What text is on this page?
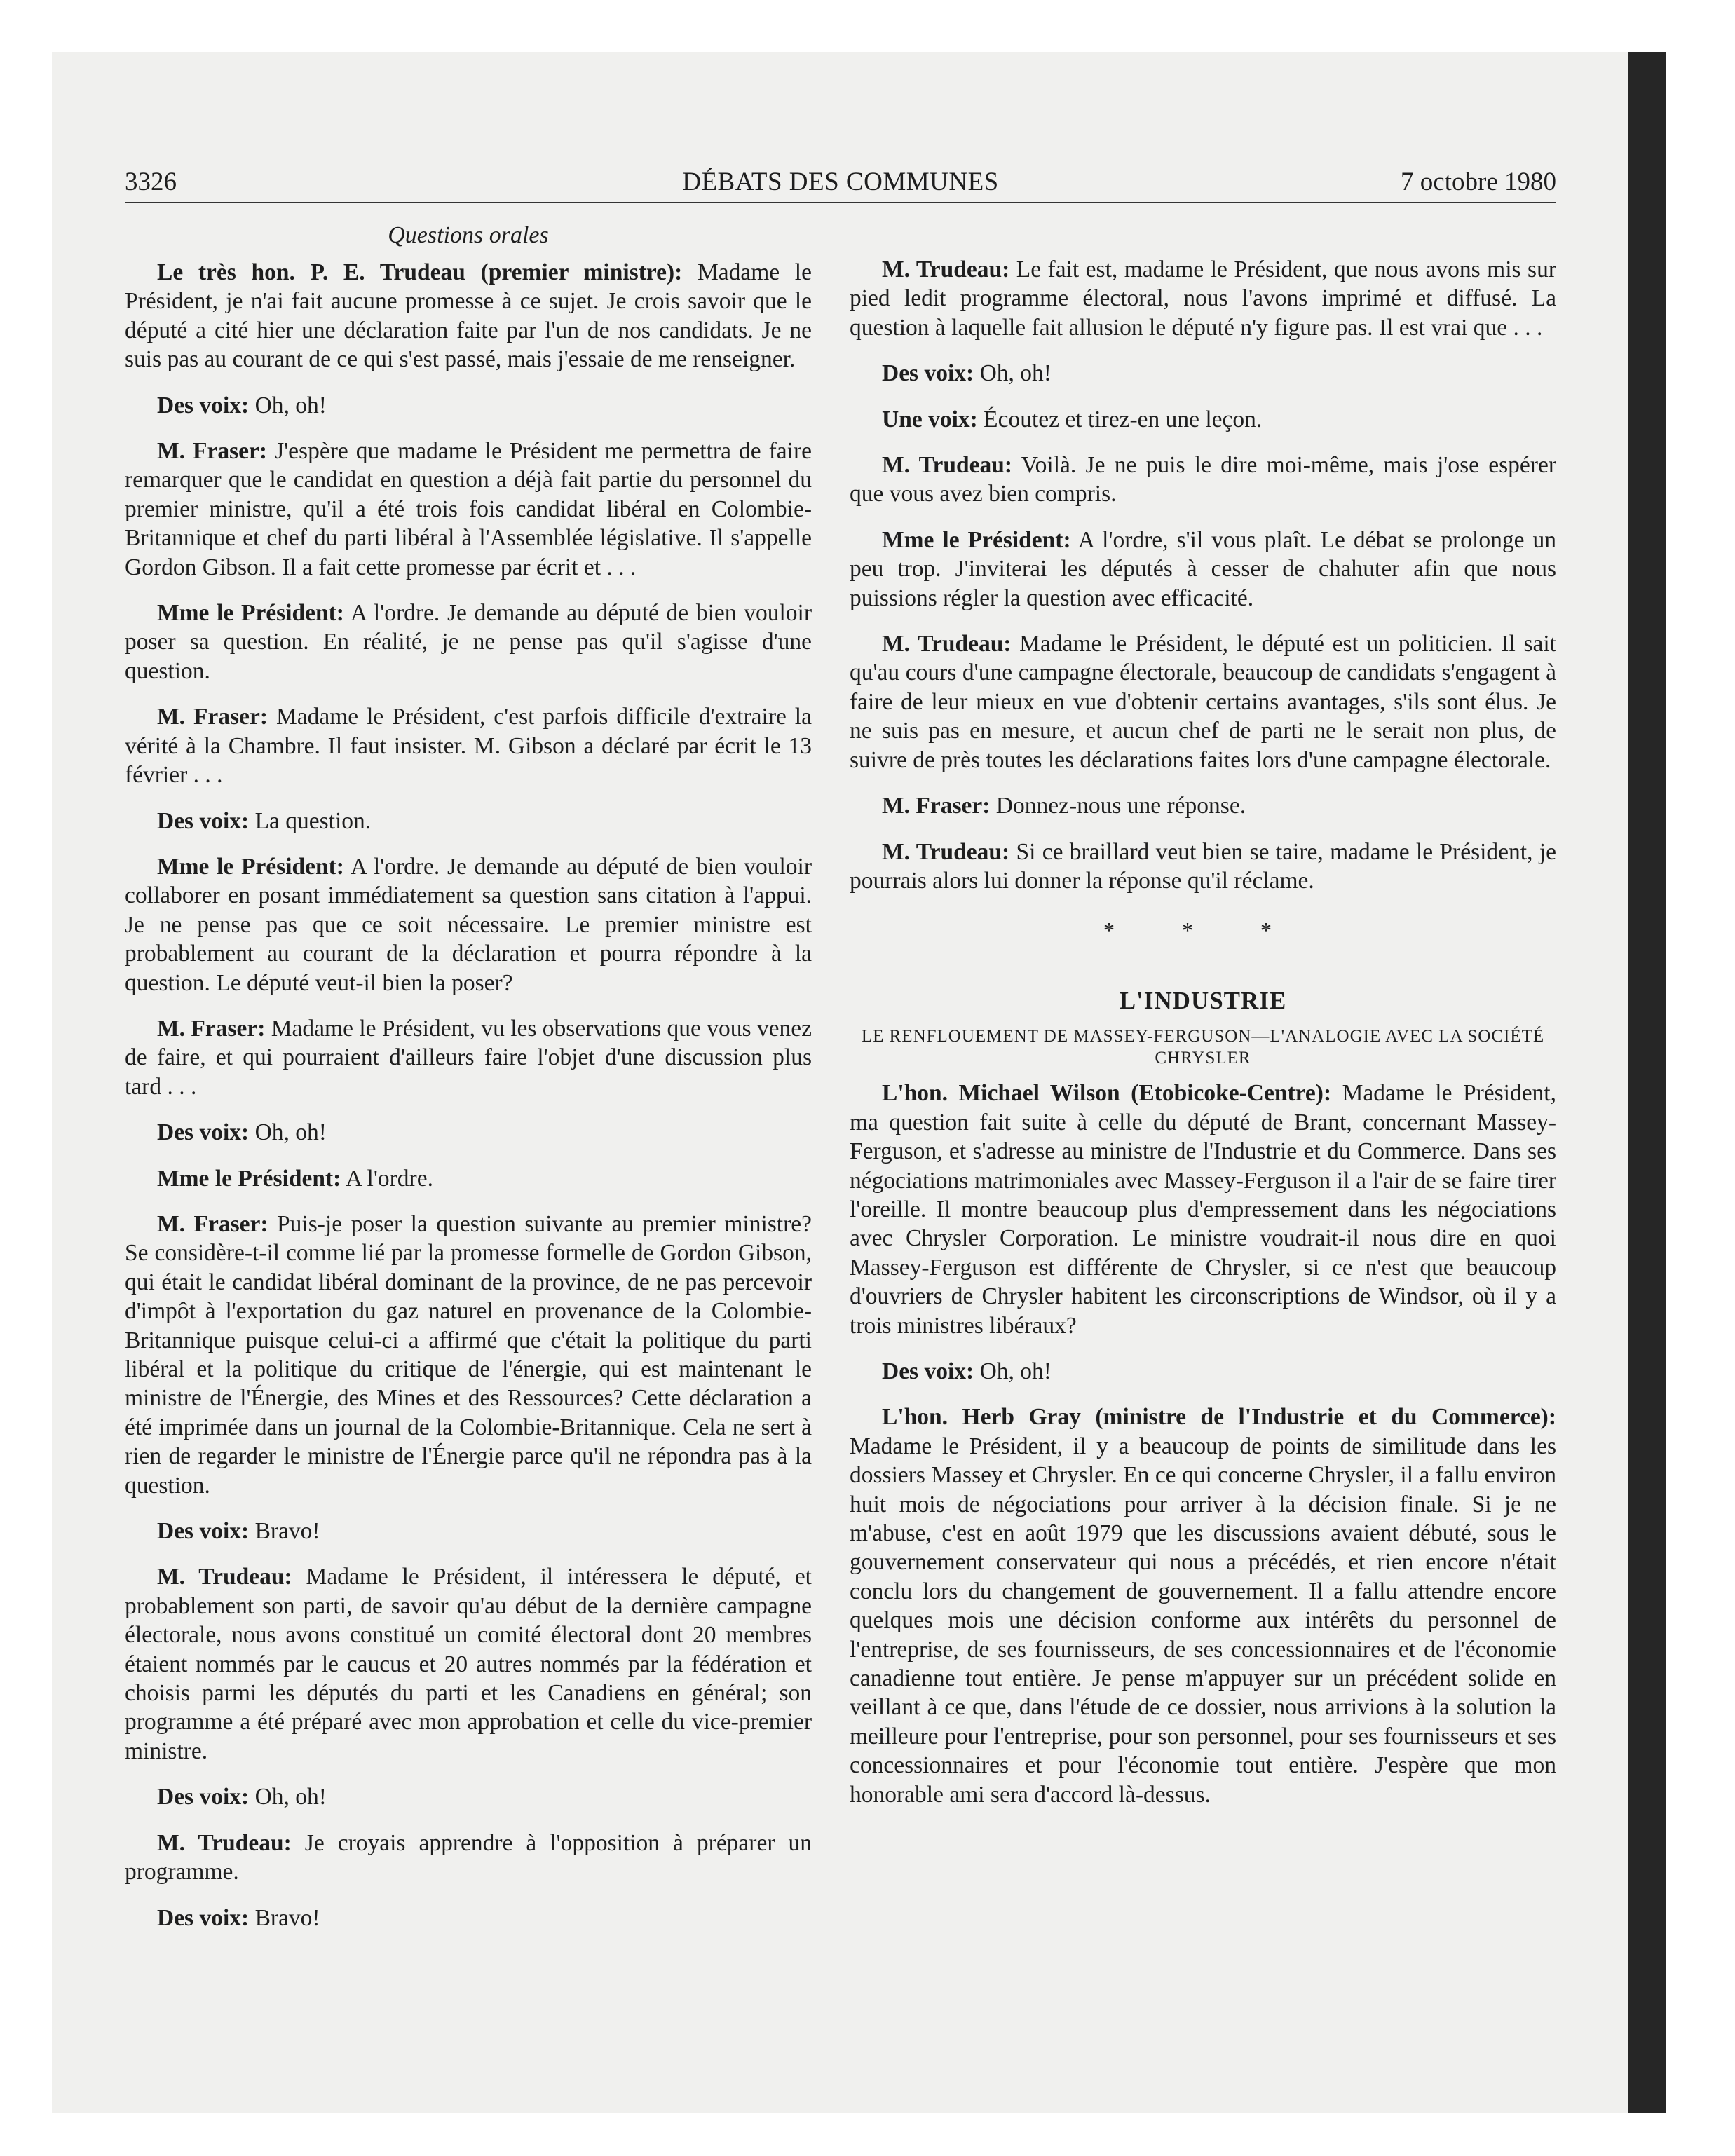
3326	DÉBATS DES COMMUNES	7 octobre 1980
Questions orales

Le très hon. P. E. Trudeau (premier ministre): Madame le Président, je n'ai fait aucune promesse à ce sujet. Je crois savoir que le député a cité hier une déclaration faite par l'un de nos candidats. Je ne suis pas au courant de ce qui s'est passé, mais j'essaie de me renseigner.

Des voix: Oh, oh!

M. Fraser: J'espère que madame le Président me permettra de faire remarquer que le candidat en question a déjà fait partie du personnel du premier ministre, qu'il a été trois fois candidat libéral en Colombie-Britannique et chef du parti libéral à l'Assemblée législative. Il s'appelle Gordon Gibson. Il a fait cette promesse par écrit et . . .

Mme le Président: A l'ordre. Je demande au député de bien vouloir poser sa question. En réalité, je ne pense pas qu'il s'agisse d'une question.

M. Fraser: Madame le Président, c'est parfois difficile d'extraire la vérité à la Chambre. Il faut insister. M. Gibson a déclaré par écrit le 13 février . . .

Des voix: La question.

Mme le Président: A l'ordre. Je demande au député de bien vouloir collaborer en posant immédiatement sa question sans citation à l'appui. Je ne pense pas que ce soit nécessaire. Le premier ministre est probablement au courant de la déclaration et pourra répondre à la question. Le député veut-il bien la poser?

M. Fraser: Madame le Président, vu les observations que vous venez de faire, et qui pourraient d'ailleurs faire l'objet d'une discussion plus tard . . .

Des voix: Oh, oh!

Mme le Président: A l'ordre.

M. Fraser: Puis-je poser la question suivante au premier ministre? Se considère-t-il comme lié par la promesse formelle de Gordon Gibson, qui était le candidat libéral dominant de la province, de ne pas percevoir d'impôt à l'exportation du gaz naturel en provenance de la Colombie-Britannique puisque celui-ci a affirmé que c'était la politique du parti libéral et la politique du critique de l'énergie, qui est maintenant le ministre de l'Énergie, des Mines et des Ressources? Cette déclaration a été imprimée dans un journal de la Colombie-Britannique. Cela ne sert à rien de regarder le ministre de l'Énergie parce qu'il ne répondra pas à la question.

Des voix: Bravo!

M. Trudeau: Madame le Président, il intéressera le député, et probablement son parti, de savoir qu'au début de la dernière campagne électorale, nous avons constitué un comité électoral dont 20 membres étaient nommés par le caucus et 20 autres nommés par la fédération et choisis parmi les députés du parti et les Canadiens en général; son programme a été préparé avec mon approbation et celle du vice-premier ministre.

Des voix: Oh, oh!

M. Trudeau: Je croyais apprendre à l'opposition à préparer un programme.

Des voix: Bravo!

M. Trudeau: Le fait est, madame le Président, que nous avons mis sur pied ledit programme électoral, nous l'avons imprimé et diffusé. La question à laquelle fait allusion le député n'y figure pas. Il est vrai que . . .

Des voix: Oh, oh!

Une voix: Écoutez et tirez-en une leçon.

M. Trudeau: Voilà. Je ne puis le dire moi-même, mais j'ose espérer que vous avez bien compris.

Mme le Président: A l'ordre, s'il vous plaît. Le débat se prolonge un peu trop. J'inviterai les députés à cesser de chahuter afin que nous puissions régler la question avec efficacité.

M. Trudeau: Madame le Président, le député est un politicien. Il sait qu'au cours d'une campagne électorale, beaucoup de candidats s'engagent à faire de leur mieux en vue d'obtenir certains avantages, s'ils sont élus. Je ne suis pas en mesure, et aucun chef de parti ne le serait non plus, de suivre de près toutes les déclarations faites lors d'une campagne électorale.

M. Fraser: Donnez-nous une réponse.

M. Trudeau: Si ce braillard veut bien se taire, madame le Président, je pourrais alors lui donner la réponse qu'il réclame.

* * *
L'INDUSTRIE
LE RENFLOUEMENT DE MASSEY-FERGUSON—L'ANALOGIE AVEC LA SOCIÉTÉ CHRYSLER

L'hon. Michael Wilson (Etobicoke-Centre): Madame le Président, ma question fait suite à celle du député de Brant, concernant Massey-Ferguson, et s'adresse au ministre de l'Industrie et du Commerce. Dans ses négociations matrimoniales avec Massey-Ferguson il a l'air de se faire tirer l'oreille. Il montre beaucoup plus d'empressement dans les négociations avec Chrysler Corporation. Le ministre voudrait-il nous dire en quoi Massey-Ferguson est différente de Chrysler, si ce n'est que beaucoup d'ouvriers de Chrysler habitent les circonscriptions de Windsor, où il y a trois ministres libéraux?

Des voix: Oh, oh!

L'hon. Herb Gray (ministre de l'Industrie et du Commerce): Madame le Président, il y a beaucoup de points de similitude dans les dossiers Massey et Chrysler. En ce qui concerne Chrysler, il a fallu environ huit mois de négociations pour arriver à la décision finale. Si je ne m'abuse, c'est en août 1979 que les discussions avaient débuté, sous le gouvernement conservateur qui nous a précédés, et rien encore n'était conclu lors du changement de gouvernement. Il a fallu attendre encore quelques mois une décision conforme aux intérêts du personnel de l'entreprise, de ses fournisseurs, de ses concessionnaires et de l'économie canadienne tout entière. Je pense m'appuyer sur un précédent solide en veillant à ce que, dans l'étude de ce dossier, nous arrivions à la solution la meilleure pour l'entreprise, pour son personnel, pour ses fournisseurs et ses concessionnaires et pour l'économie tout entière. J'espère que mon honorable ami sera d'accord là-dessus.
